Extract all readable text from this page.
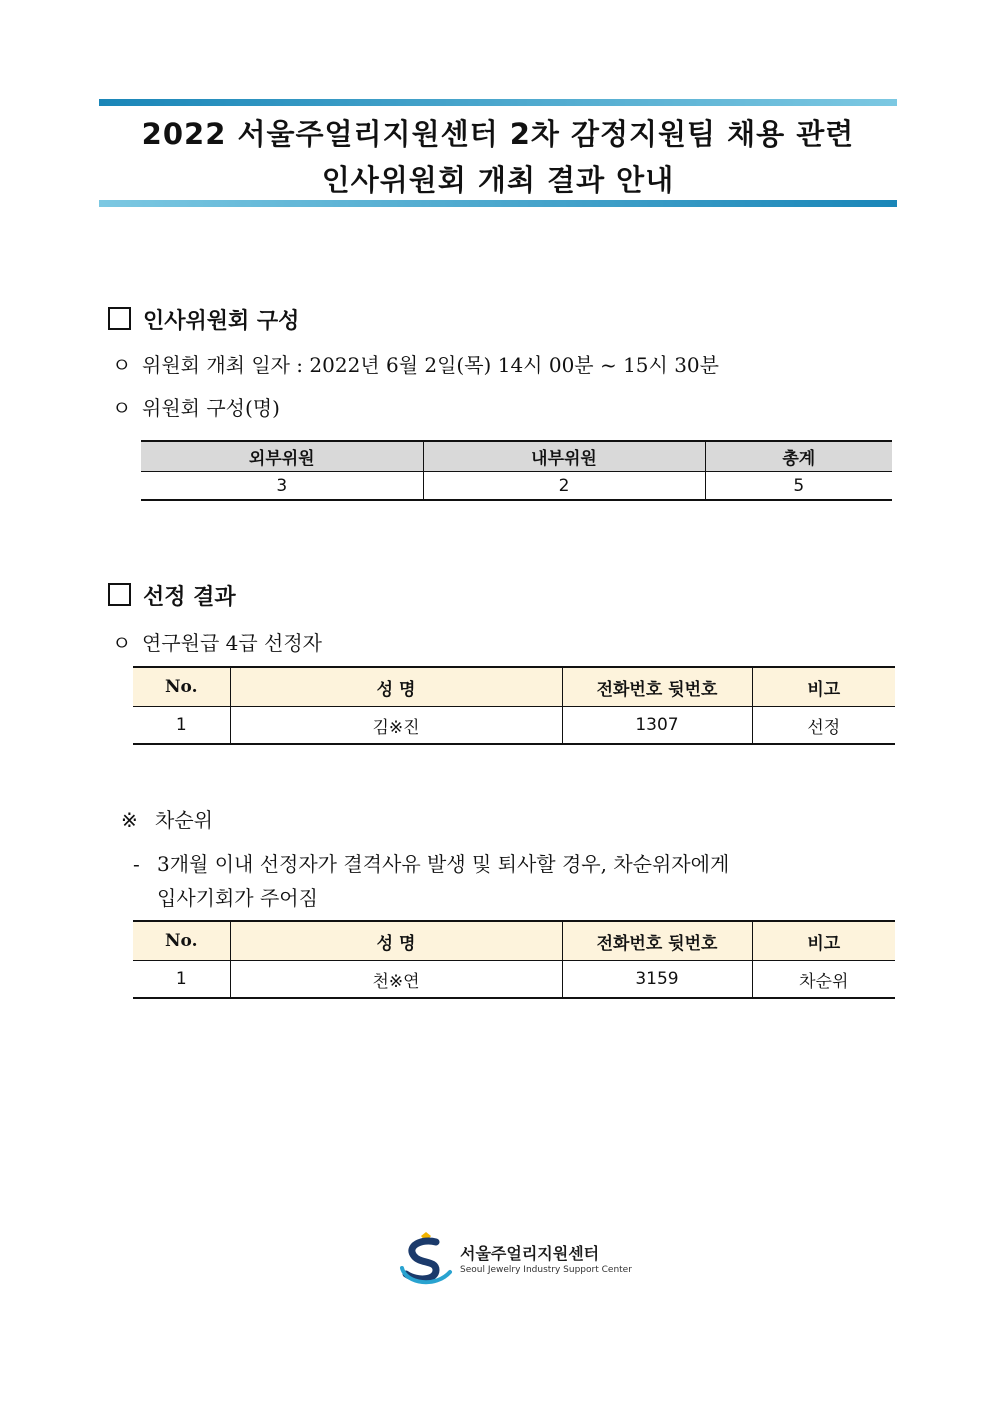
2022 서울주얼리지원센터 2차 감정지원팀 채용 관련
인사위원회 개최 결과 안내
인사위원회 구성
ㅇ 위원회 개최 일자 : 2022년 6월 2일(목) 14시 00분 ~ 15시 30분
ㅇ 위원회 구성(명)
외부위원	내부위원	총계
3	2	5
선정 결과
ㅇ 연구원급 4급 선정자
No.	성 명	전화번호 뒷번호	비고
1	김※진	1307	선정
※ 차순위
- 3개월 이내 선정자가 결격사유 발생 및 퇴사할 경우, 차순위자에게
입사기회가 주어짐
No.	성 명	전화번호 뒷번호	비고
1	천※연	3159	차순위
서울주얼리지원센터
Seoul Jewelry Industry Support Center
